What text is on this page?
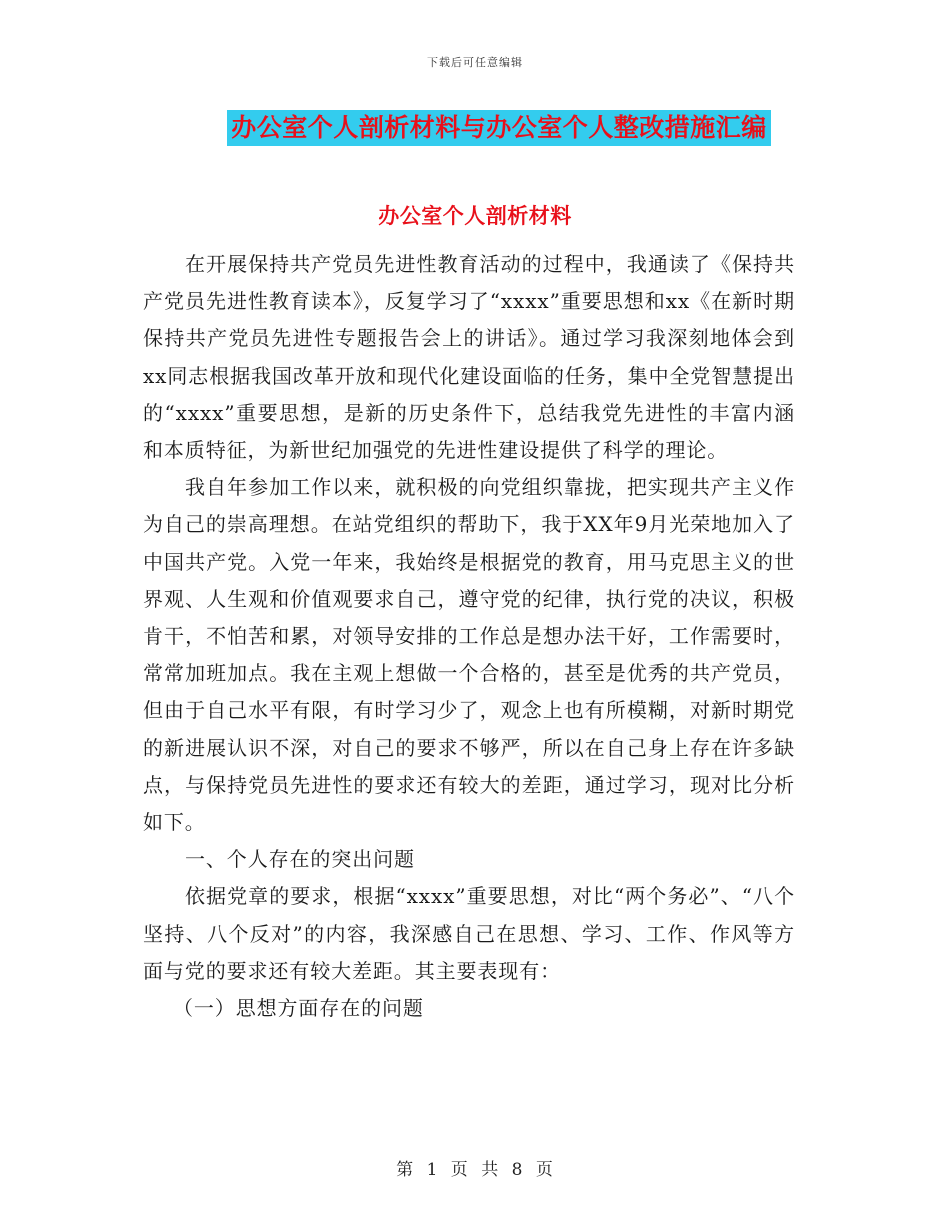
下载后可任意编辑
办公室个人剖析材料与办公室个人整改措施汇编
办公室个人剖析材料

在开展保持共产党员先进性教育活动的过程中，我通读了《保持共产党员先进性教育读本》，反复学习了“xxxx”重要思想和xx《在新时期保持共产党员先进性专题报告会上的讲话》。通过学习我深刻地体会到xx同志根据我国改革开放和现代化建设面临的任务，集中全党智慧提出的“xxxx”重要思想，是新的历史条件下，总结我党先进性的丰富内涵和本质特征，为新世纪加强党的先进性建设提供了科学的理论。

我自年参加工作以来，就积极的向党组织靠拢，把实现共产主义作为自己的崇高理想。在站党组织的帮助下，我于XX年9月光荣地加入了中国共产党。入党一年来，我始终是根据党的教育，用马克思主义的世界观、人生观和价值观要求自己，遵守党的纪律，执行党的决议，积极肯干，不怕苦和累，对领导安排的工作总是想办法干好，工作需要时，常常加班加点。我在主观上想做一个合格的，甚至是优秀的共产党员，但由于自己水平有限，有时学习少了，观念上也有所模糊，对新时期党的新进展认识不深，对自己的要求不够严，所以在自己身上存在许多缺点，与保持党员先进性的要求还有较大的差距，通过学习，现对比分析如下。

一、个人存在的突出问题

依据党章的要求，根据“xxxx”重要思想，对比“两个务必”、“八个坚持、八个反对”的内容，我深感自己在思想、学习、工作、作风等方面与党的要求还有较大差距。其主要表现有：

（一）思想方面存在的问题

第 1 页 共 8 页
